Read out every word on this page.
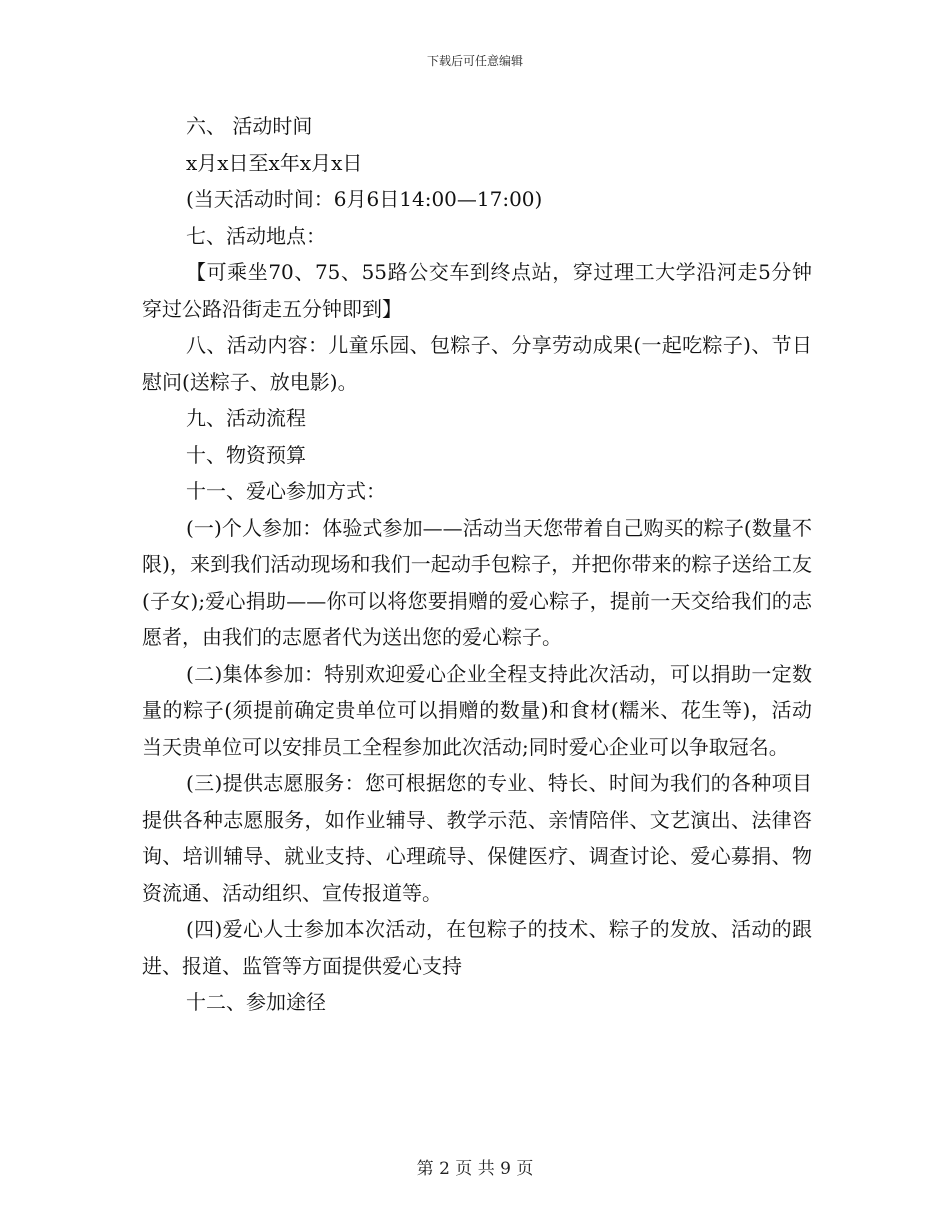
下载后可任意编辑

六、 活动时间

x月x日至x年x月x日

(当天活动时间：6月6日14:00—17:00)

七、活动地点：

【可乘坐70、75、55路公交车到终点站，穿过理工大学沿河走5分钟穿过公路沿街走五分钟即到】

八、活动内容：儿童乐园、包粽子、分享劳动成果(一起吃粽子)、节日慰问(送粽子、放电影)。

九、活动流程

十、物资预算

十一、爱心参加方式：

(一)个人参加：体验式参加——活动当天您带着自己购买的粽子(数量不限)，来到我们活动现场和我们一起动手包粽子，并把你带来的粽子送给工友(子女);爱心捐助——你可以将您要捐赠的爱心粽子，提前一天交给我们的志愿者，由我们的志愿者代为送出您的爱心粽子。

(二)集体参加：特别欢迎爱心企业全程支持此次活动，可以捐助一定数量的粽子(须提前确定贵单位可以捐赠的数量)和食材(糯米、花生等)，活动当天贵单位可以安排员工全程参加此次活动;同时爱心企业可以争取冠名。

(三)提供志愿服务：您可根据您的专业、特长、时间为我们的各种项目提供各种志愿服务，如作业辅导、教学示范、亲情陪伴、文艺演出、法律咨询、培训辅导、就业支持、心理疏导、保健医疗、调查讨论、爱心募捐、物资流通、活动组织、宣传报道等。

(四)爱心人士参加本次活动，在包粽子的技术、粽子的发放、活动的跟进、报道、监管等方面提供爱心支持

十二、参加途径

第 2 页 共 9 页
